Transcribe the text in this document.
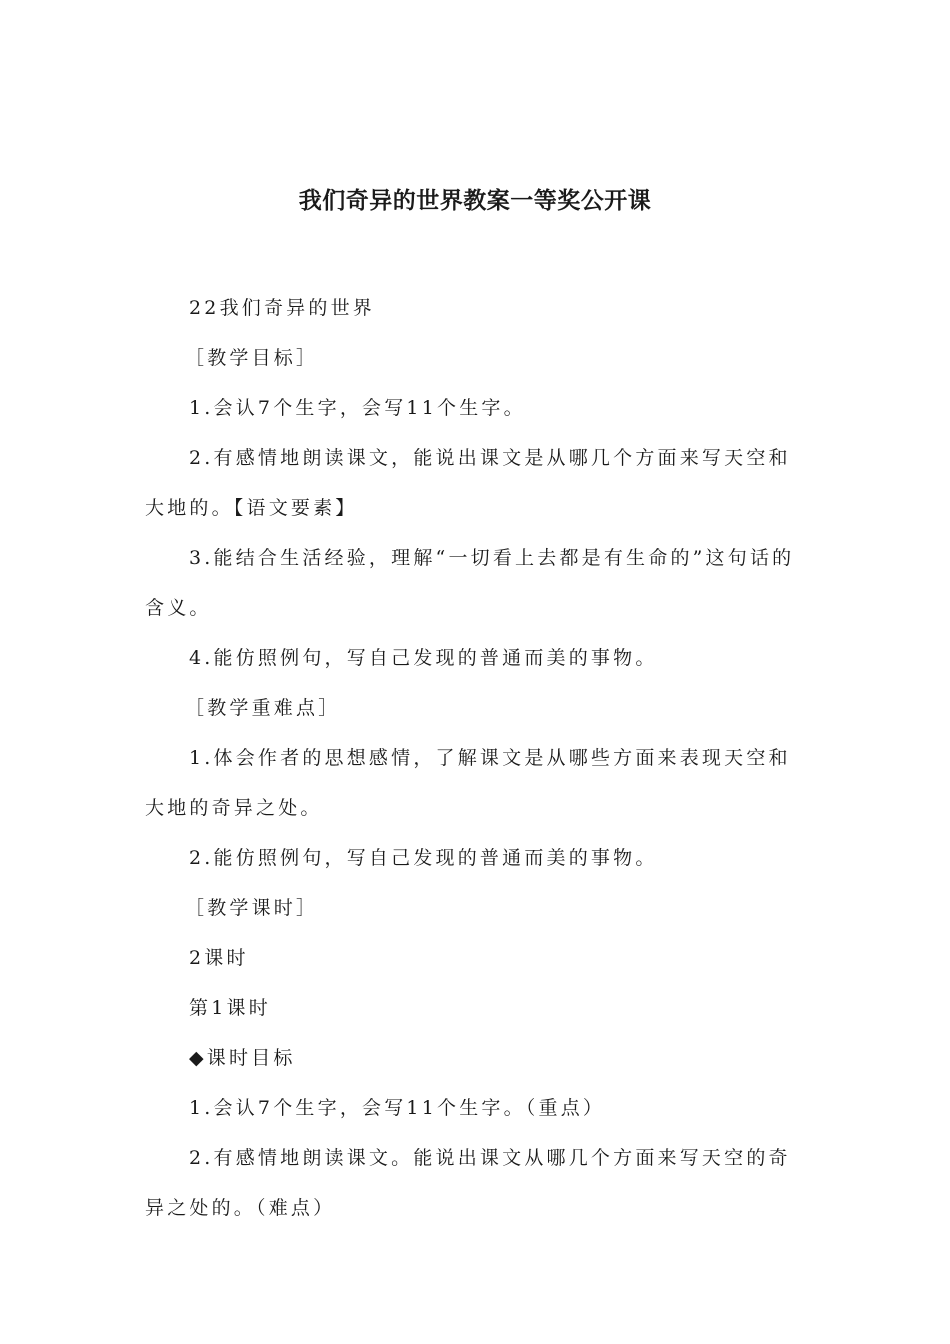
我们奇异的世界教案一等奖公开课

22我们奇异的世界

［教学目标］

1.会认7个生字，会写11个生字。

2.有感情地朗读课文，能说出课文是从哪几个方面来写天空和大地的。【语文要素】

3.能结合生活经验，理解“一切看上去都是有生命的”这句话的含义。

4.能仿照例句，写自己发现的普通而美的事物。

［教学重难点］

1.体会作者的思想感情，了解课文是从哪些方面来表现天空和大地的奇异之处。

2.能仿照例句，写自己发现的普通而美的事物。

［教学课时］

2课时

第1课时

◆课时目标

1.会认7个生字，会写11个生字。（重点）

2.有感情地朗读课文。能说出课文从哪几个方面来写天空的奇异之处的。（难点）
